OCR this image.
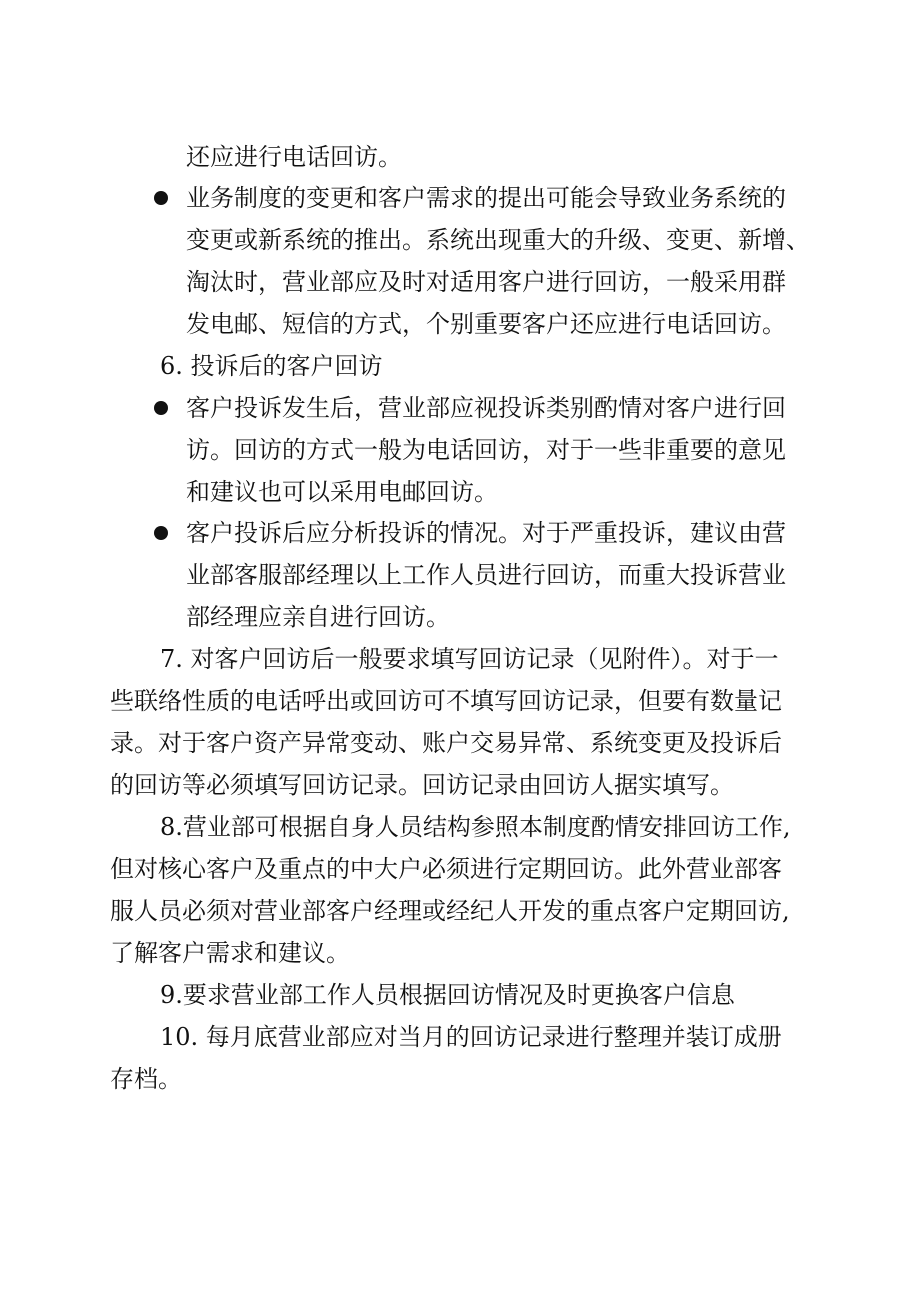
还应进行电话回访。

业务制度的变更和客户需求的提出可能会导致业务系统的

变更或新系统的推出。系统出现重大的升级、变更、新增、

淘汰时，营业部应及时对适用客户进行回访，一般采用群

发电邮、短信的方式，个别重要客户还应进行电话回访。

6. 投诉后的客户回访

客户投诉发生后，营业部应视投诉类别酌情对客户进行回

访。回访的方式一般为电话回访，对于一些非重要的意见

和建议也可以采用电邮回访。

客户投诉后应分析投诉的情况。对于严重投诉，建议由营

业部客服部经理以上工作人员进行回访，而重大投诉营业

部经理应亲自进行回访。

7. 对客户回访后一般要求填写回访记录（见附件）。对于一

些联络性质的电话呼出或回访可不填写回访记录，但要有数量记

录。对于客户资产异常变动、账户交易异常、系统变更及投诉后

的回访等必须填写回访记录。回访记录由回访人据实填写。

8.营业部可根据自身人员结构参照本制度酌情安排回访工作,

但对核心客户及重点的中大户必须进行定期回访。此外营业部客

服人员必须对营业部客户经理或经纪人开发的重点客户定期回访,

了解客户需求和建议。

9.要求营业部工作人员根据回访情况及时更换客户信息

10. 每月底营业部应对当月的回访记录进行整理并装订成册

存档。
